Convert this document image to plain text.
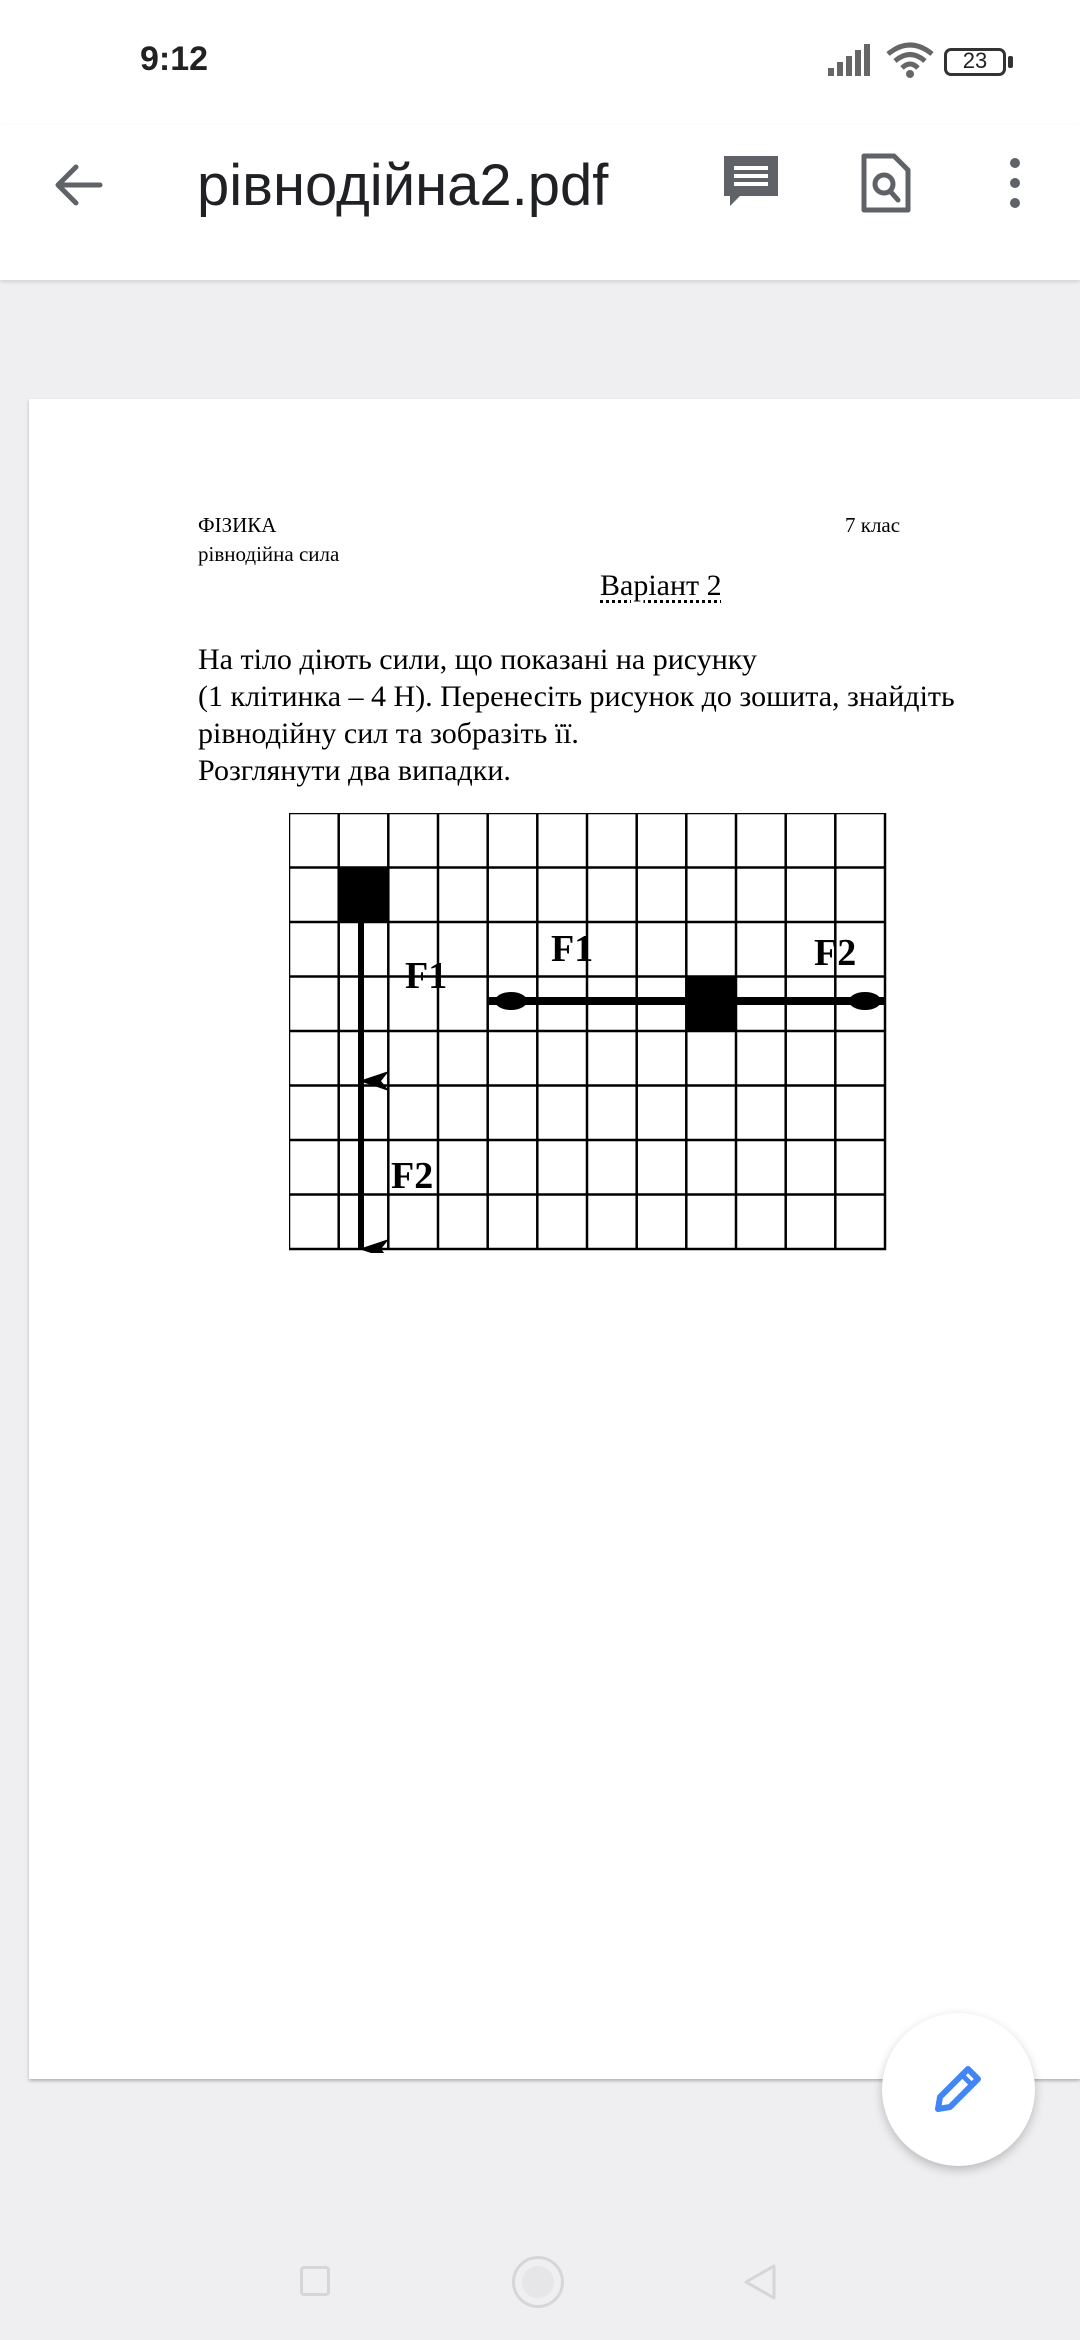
9:12	23
рівнодійна2.pdf
ФІЗИКА	7 клас
рівнодійна сила
Варіант 2
На тіло діють сили, що показані на рисунку
(1 клітинка – 4 Н). Перенесіть рисунок до зошита, знайдіть
рівнодійну сил та зобразіть її.
Розглянути два випадки.
F1
F2
F1	F2
